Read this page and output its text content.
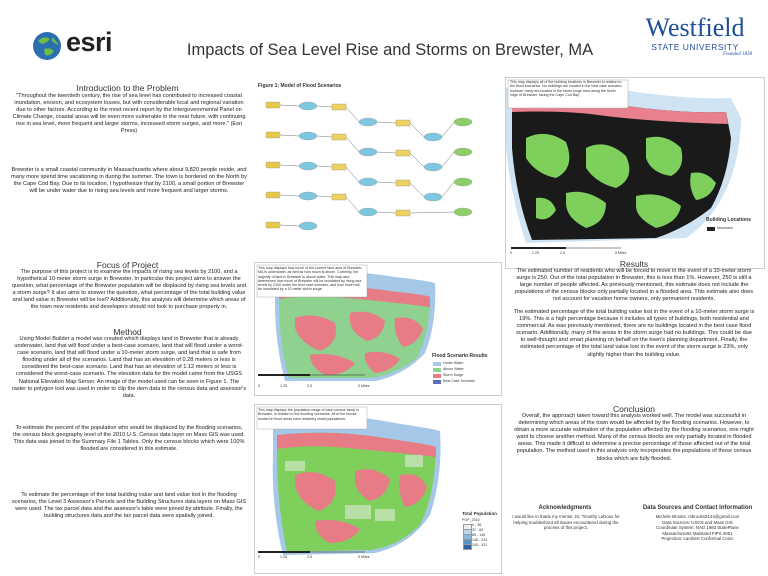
esri	Impacts of Sea Level Rise and Storms on Brewster, MA
Westfield
STATE UNIVERSITY
Founded 1838
Introduction to the Problem
"Throughout the twentieth century, the rise of sea level has contributed to increased coastal inundation, erosion, and ecosystem losses, but with considerable local and regional variation due to other factors. According to the most recent report by the Intergovernmental Panel on Climate Change, coastal areas will be even more vulnerable in the near future, with continuing rise in sea level, more frequent and larger storms, increased storm surges, and more." (Esri Press)
Brewster is a small coastal community in Massachusetts where about 9,820 people reside, and many more spend time vacationing in during the summer. The town is bordered on the North by the Cape Cod Bay. Due to its location, I hypothesize that by 2100, a small portion of Brewster will be under water due to rising sea levels and more frequent and larger storms.
Focus of Project
The purpose of this project is to examine the impacts of rising sea levels by 2100, and a hypothetical 10-meter storm surge in Brewster. In particular this project aims to answer the question, what percentage of the Brewster population will be displaced by rising sea levels and a storm surge? It also aims to answer the question, what percentage of the total building value and land value in Brewster will be lost? Additionally, this analysis will determine which areas of the town new residents and developers should not look to purchase property in.
Method
Using Model Builder a model was created which displays land in Brewster that is already underwater, land that will flood under a best-case scenario, land that will flood under a worst-case scenario, land that will flood under a 10-meter storm surge, and land that is safe from flooding under all of the scenarios. Land that has an elevation of 0.28 meters or less is considered the best-case scenario. Land that has an elevation of 1.12 meters or less is considered the worst-case scenario. The elevation data for the model came from the USGS National Elevation Map Server. An image of the model used can be seen in Figure 1. The raster to polygon tool was used in order to clip the dem data to the census data and assessor's data.
To estimate the percent of the population who would be displaced by the flooding scenarios, the census block geography level of the 2010 U.S. Census data layer on Mass GIS was used. This data was joined to the Summary File 1 Tables. Only the census blocks which were 100% flooded are considered in this estimate.
To estimate the percentage of the total building value and land value lost in the flooding scenarios, the Level 3 Assessor's Parcels and the Building Structures data layers on Mass GIS were used. The tax parcel data and the assessor's table were joined by attribute. Finally, the building structures data and the tax parcel data were spatially joined.
Figure 1: Model of Flood Scenarios
This map displays all of the building locations in Brewster in relation to the flood scenarios. No buildings are located in the best case scenario, however many are located in the storm surge area along the North edge of Brewster, facing the Cape Cod Bay.
Building Locations
structures
0	1.25	2.5	5 Miles
This map displays how much of the current land area of Brewster, MA is underwater, as well as how much is above. Currently, the majority of land in Brewster is above water. This map also determines how much of Brewster will be inundated by rising sea levels by 2100 under the best case scenario, and how much will be inundated by a 10 meter storm surge.
Flood Scenario Results
Under Water
Above Water
Storm Surge
Best Case Scenario
0	1.25	2.5	5 Miles
This map displays the population range of each census block in Brewster, in relation to the flooding scenarios. All of the blocks located in flood areas have relatively small populations.
Total Population
POP_2010
0 - 36
37 - 84
85 - 145
146 - 244
245 - 431
0	1.25	2.5	5 Miles
Results
The estimated number of residents who will be forced to move in the event of a 10-meter storm surge is 250. Out of the total population in Brewster, this is less than 1%. However, 250 is still a large number of people affected. As previously mentioned, this estimate does not include the populations of the census blocks only partially located in a flooded area. This estimate also does not account for vacation home owners, only permanent residents.
The estimated percentage of the total building value lost in the event of a 10-meter storm surge is 19%. This is a high percentage because it includes all types of buildings, both residential and commercial. As was previously mentioned, there are no buildings located in the best case flood scenario. Additionally, many of the areas in the storm surge had no buildings. This could be due to well-thought and smart planning on behalf on the town's planning department. Finally, the estimated percentage of the total land value lost in the event of the storm surge is 23%, only slightly higher than the building value.
Conclusion
Overall, the approach taken toward this analysis worked well. The model was successful in determining which areas of the town would be affected by the flooding scenarios. However, to obtain a more accurate estimation of the population affected by the flooding scenarios, one might want to choose another method. Many of the census blocks are only partially located in flooded areas. This made it difficult to determine a precise percentage of those affected out of the total population. The method used in this analysis only incorporates the populations of those census blocks which are fully flooded.
Acknowledgments
I would like to thank my mentor, Dr. Timothy LeDoux for helping troubleshoot all issues encountered during the process of this project.
Data Sources and Contact Information
Michele Brooks, mbrooks3144@gmail.com
Data Sources: USGS and Mass GIS
Coordinate System: NAD 1983 StatePlane
Massachusetts Mainland FIPS 2001
Projection: Lambert Conformal Conic
